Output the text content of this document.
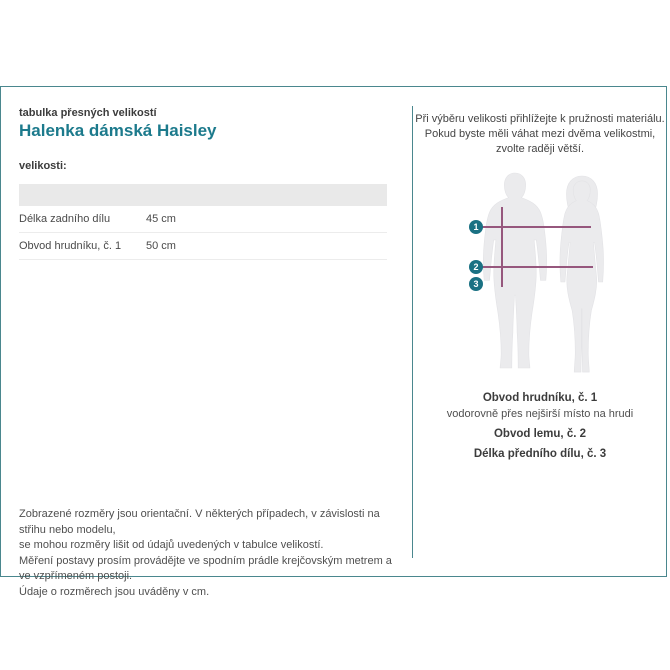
tabulka přesných velikostí
Halenka dámská Haisley
velikosti:
Délka zadního dílu	45 cm
Obvod hrudníku, č. 1	50 cm
Zobrazené rozměry jsou orientační. V některých případech, v závislosti na střihu nebo modelu,
se mohou rozměry lišit od údajů uvedených v tabulce velikostí.
Měření postavy prosím provádějte ve spodním prádle krejčovským metrem a ve vzpřímeném postoji.
Údaje o rozměrech jsou uváděny v cm.
Při výběru velikosti přihlížejte k pružnosti materiálu.
Pokud byste měli váhat mezi dvěma velikostmi,
zvolte raději větší.
1
2
3
Obvod hrudníku, č. 1
vodorovně přes nejširší místo na hrudi
Obvod lemu, č. 2
Délka předního dílu, č. 3
